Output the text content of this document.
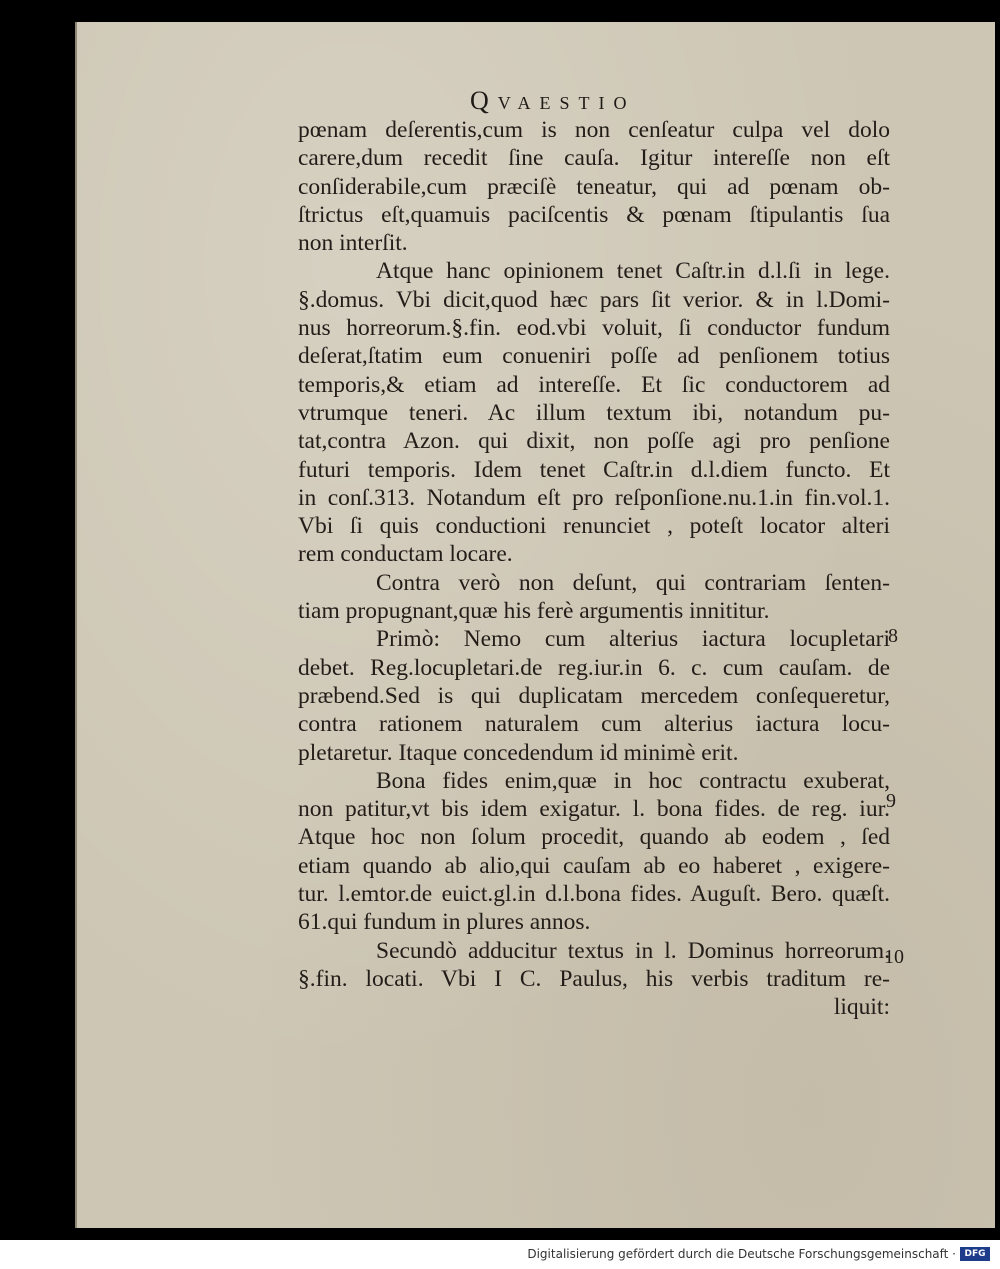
Qvaestio
pœnam deſerentis,cum is non cenſeatur culpa vel dolo
carere,dum recedit ſine cauſa. Igitur intereſſe non eſt
conſiderabile,cum præciſè teneatur, qui ad pœnam ob-
ſtrictus eſt,quamuis paciſcentis & pœnam ſtipulantis ſua
non interſit.
Atque hanc opinionem tenet Caſtr.in d.l.ſi in lege.
§.domus. Vbi dicit,quod hæc pars ſit verior. & in l.Domi-
nus horreorum.§.fin. eod.vbi voluit, ſi conductor fundum
deſerat,ſtatim eum conueniri poſſe ad penſionem totius
temporis,& etiam ad intereſſe. Et ſic conductorem ad
vtrumque teneri. Ac illum textum ibi, notandum pu-
tat,contra Azon. qui dixit, non poſſe agi pro penſione
futuri temporis. Idem tenet Caſtr.in d.l.diem functo. Et
in conſ.313. Notandum eſt pro reſponſione.nu.1.in fin.vol.1.
Vbi ſi quis conductioni renunciet , poteſt locator alteri
rem conductam locare.
Contra verò non deſunt, qui contrariam ſenten-
tiam propugnant,quæ his ferè argumentis innititur.
Primò: Nemo cum alterius iactura locupletari
debet. Reg.locupletari.de reg.iur.in 6. c. cum cauſam. de
præbend.Sed is qui duplicatam mercedem conſequeretur,
contra rationem naturalem cum alterius iactura locu-
pletaretur. Itaque concedendum id minimè erit.
Bona fides enim,quæ in hoc contractu exuberat,
non patitur,vt bis idem exigatur. l. bona fides. de reg. iur.
Atque hoc non ſolum procedit, quando ab eodem , ſed
etiam quando ab alio,qui cauſam ab eo haberet , exigere-
tur. l.emtor.de euict.gl.in d.l.bona fides. Auguſt. Bero. quæſt.
61.qui fundum in plures annos.
Secundò adducitur textus in l. Dominus horreorum.
§.fin. locati. Vbi I C. Paulus, his verbis traditum re-
liquit:
8
9
10
Digitalisierung gefördert durch die Deutsche Forschungsgemeinschaft · DFG
